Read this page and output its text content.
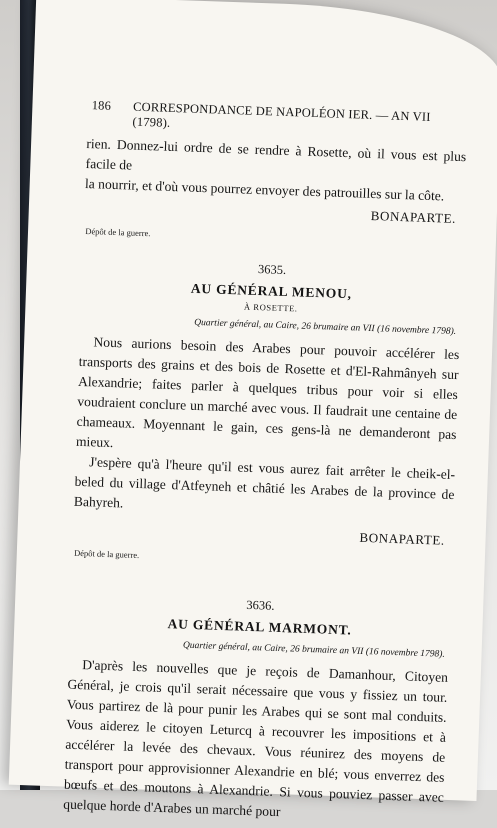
186 CORRESPONDANCE DE NAPOLÉON IER. — AN VII (1798).

rien. Donnez-lui ordre de se rendre à Rosette, où il vous est plus facile de

la nourrir, et d'où vous pourrez envoyer des patrouilles sur la côte.

BONAPARTE.
Dépôt de la guerre.
3635.
AU GÉNÉRAL MENOU,
À ROSETTE.
Quartier général, au Caire, 26 brumaire an VII (16 novembre 1798).

Nous aurions besoin des Arabes pour pouvoir accélérer les transports des grains et des bois de Rosette et d'El-Rahmânyeh sur Alexandrie; faites parler à quelques tribus pour voir si elles voudraient conclure un marché avec vous. Il faudrait une centaine de chameaux. Moyennant le gain, ces gens-là ne demanderont pas mieux.

J'espère qu'à l'heure qu'il est vous aurez fait arrêter le cheik-el-beled du village d'Atfeyneh et châtié les Arabes de la province de Bahyreh.

BONAPARTE.
Dépôt de la guerre.
3636.
AU GÉNÉRAL MARMONT.
Quartier général, au Caire, 26 brumaire an VII (16 novembre 1798).

D'après les nouvelles que je reçois de Damanhour, Citoyen Général, je crois qu'il serait nécessaire que vous y fissiez un tour. Vous partirez de là pour punir les Arabes qui se sont mal conduits. Vous aiderez le citoyen Leturcq à recouvrer les impositions et à accélérer la levée des chevaux. Vous réunirez des moyens de transport pour approvisionner Alexandrie en blé; vous enverrez des bœufs et des moutons à Alexandrie. Si vous pouviez passer avec quelque horde d'Arabes un marché pour
